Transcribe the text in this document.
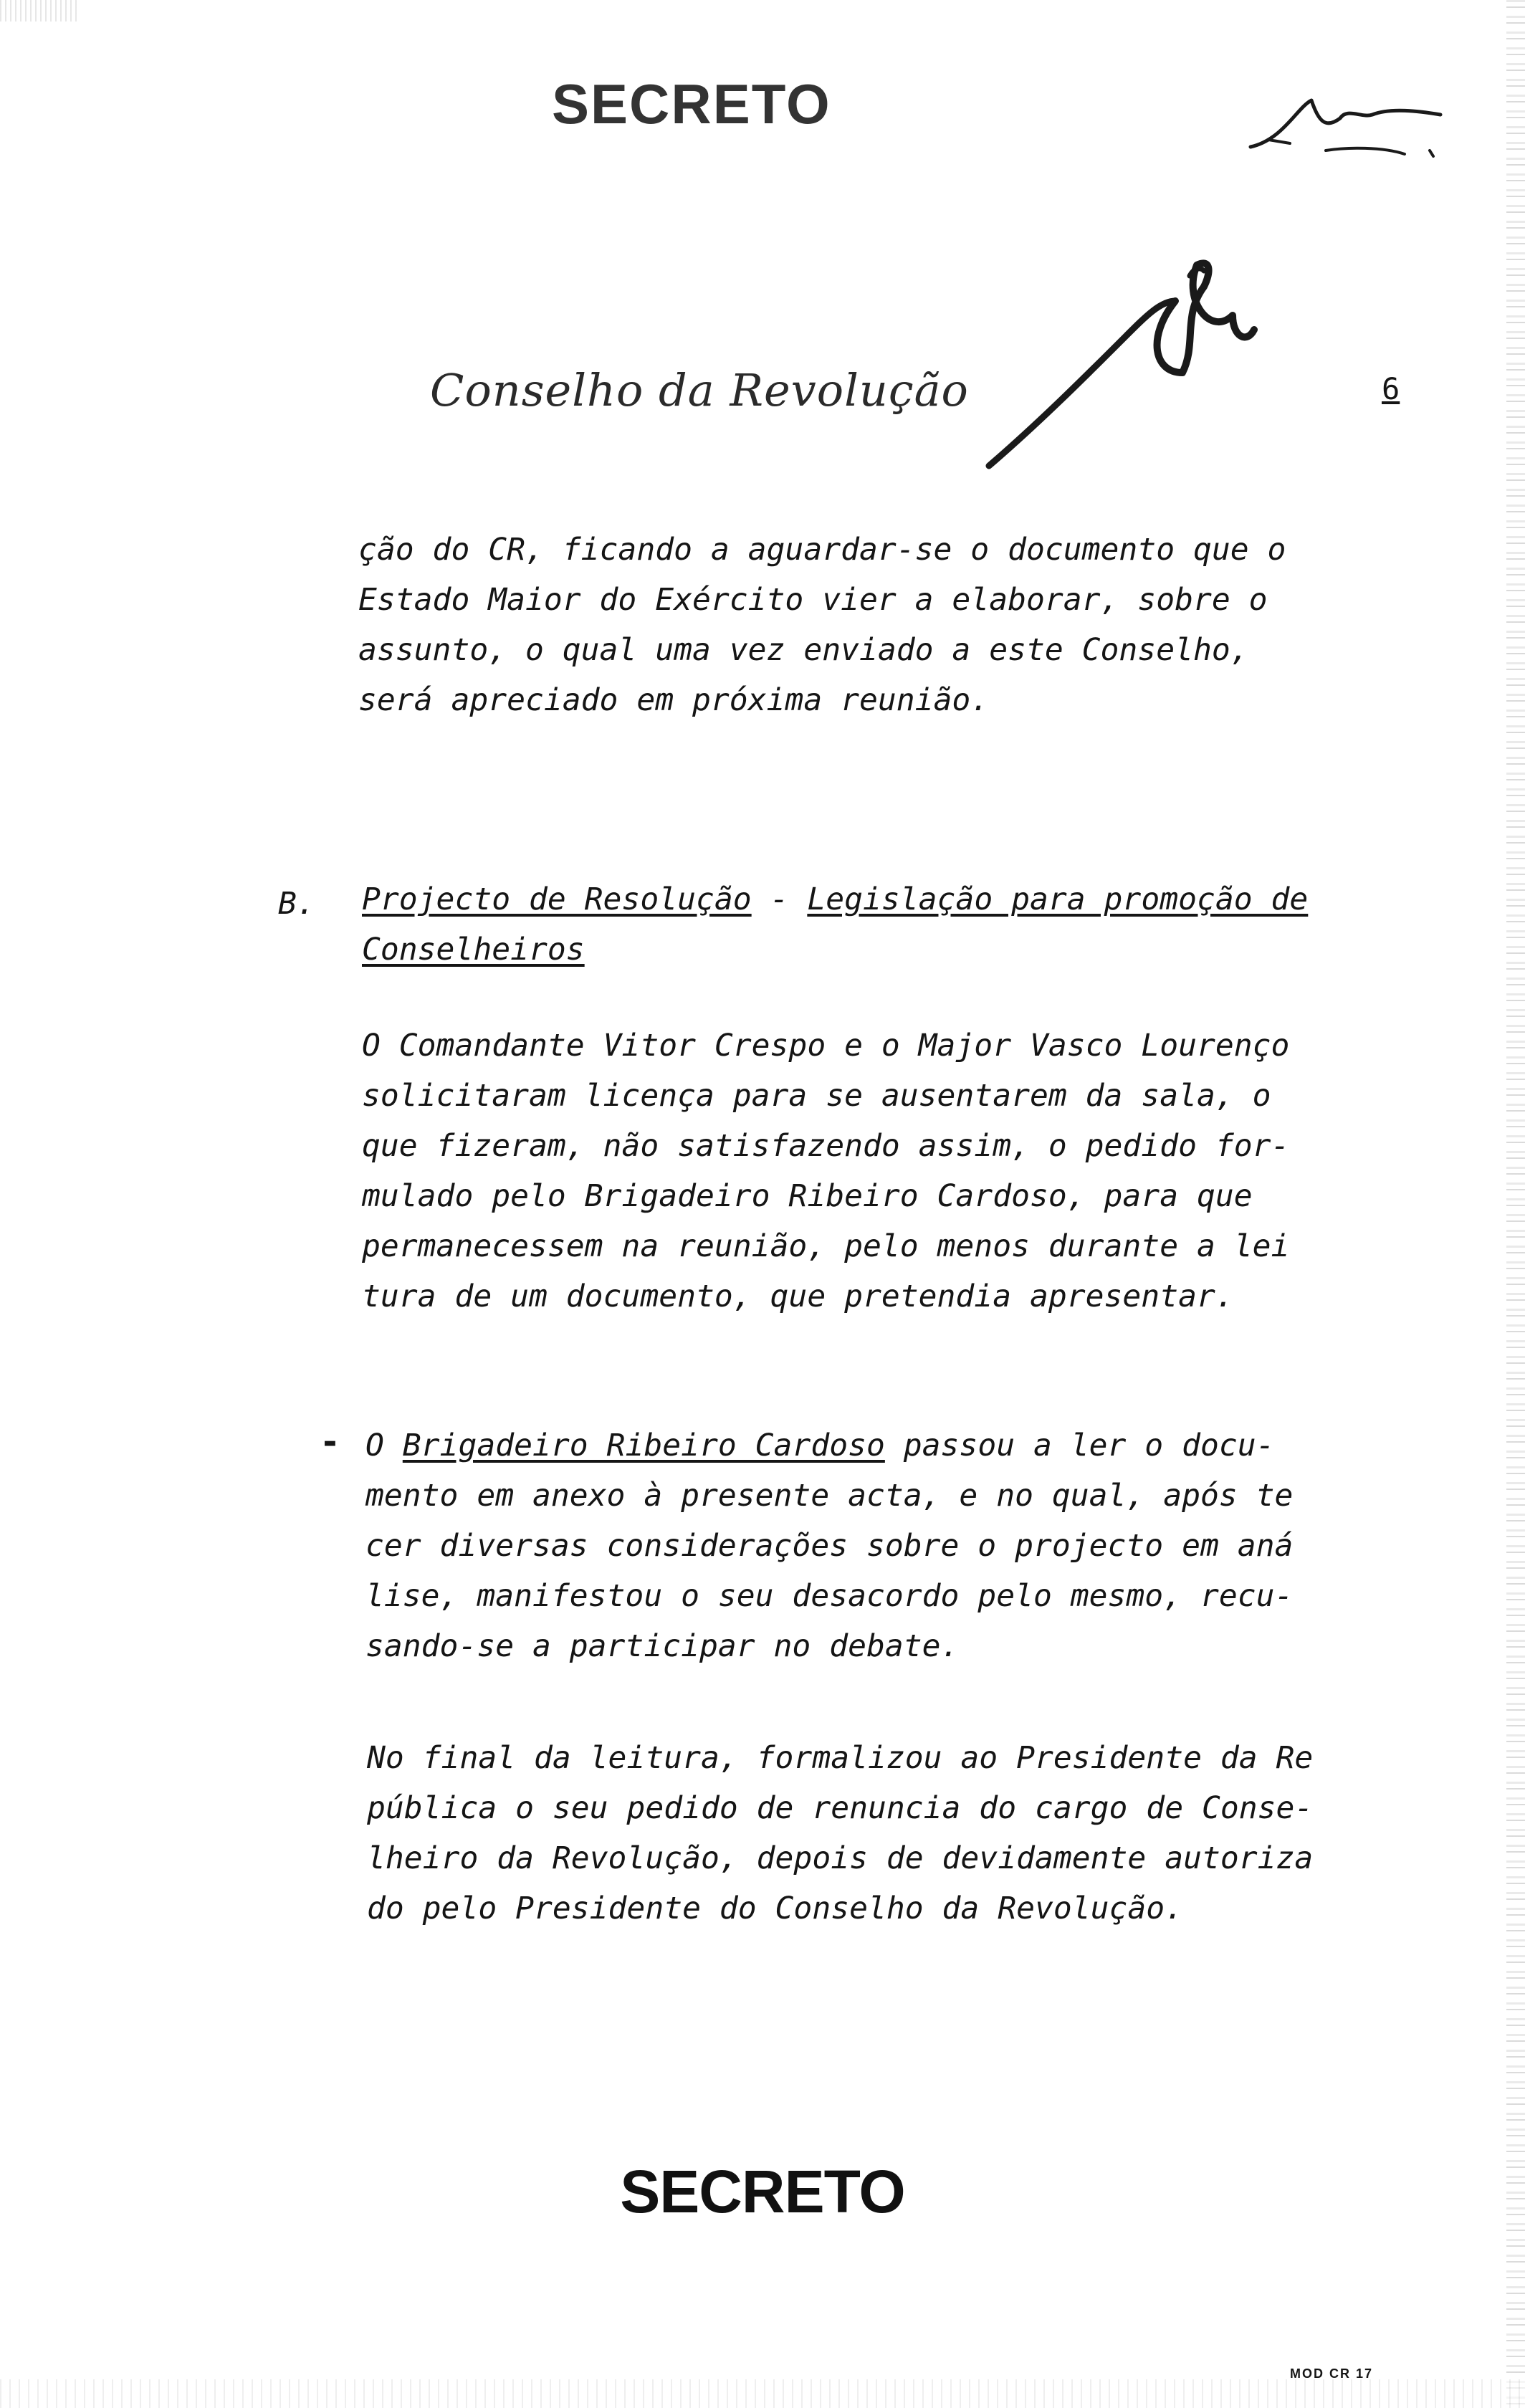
SECRETO
Conselho da Revolução	6
ção do CR, ficando a aguardar-se o documento que o
Estado Maior do Exército vier a elaborar, sobre o
assunto, o qual uma vez enviado a este Conselho,
será apreciado em próxima reunião.
B. Projecto de Resolução - Legislação para promoção de
Conselheiros
O Comandante Vitor Crespo e o Major Vasco Lourenço
solicitaram licença para se ausentarem da sala, o
que fizeram, não satisfazendo assim, o pedido for-
mulado pelo Brigadeiro Ribeiro Cardoso, para que
permanecessem na reunião, pelo menos durante a lei
tura de um documento, que pretendia apresentar.
- O Brigadeiro Ribeiro Cardoso passou a ler o docu-
mento em anexo à presente acta, e no qual, após te
cer diversas considerações sobre o projecto em aná
lise, manifestou o seu desacordo pelo mesmo, recu-
sando-se a participar no debate.
No final da leitura, formalizou ao Presidente da Re
pública o seu pedido de renuncia do cargo de Conse-
lheiro da Revolução, depois de devidamente autoriza
do pelo Presidente do Conselho da Revolução.
SECRETO
MOD CR 17
